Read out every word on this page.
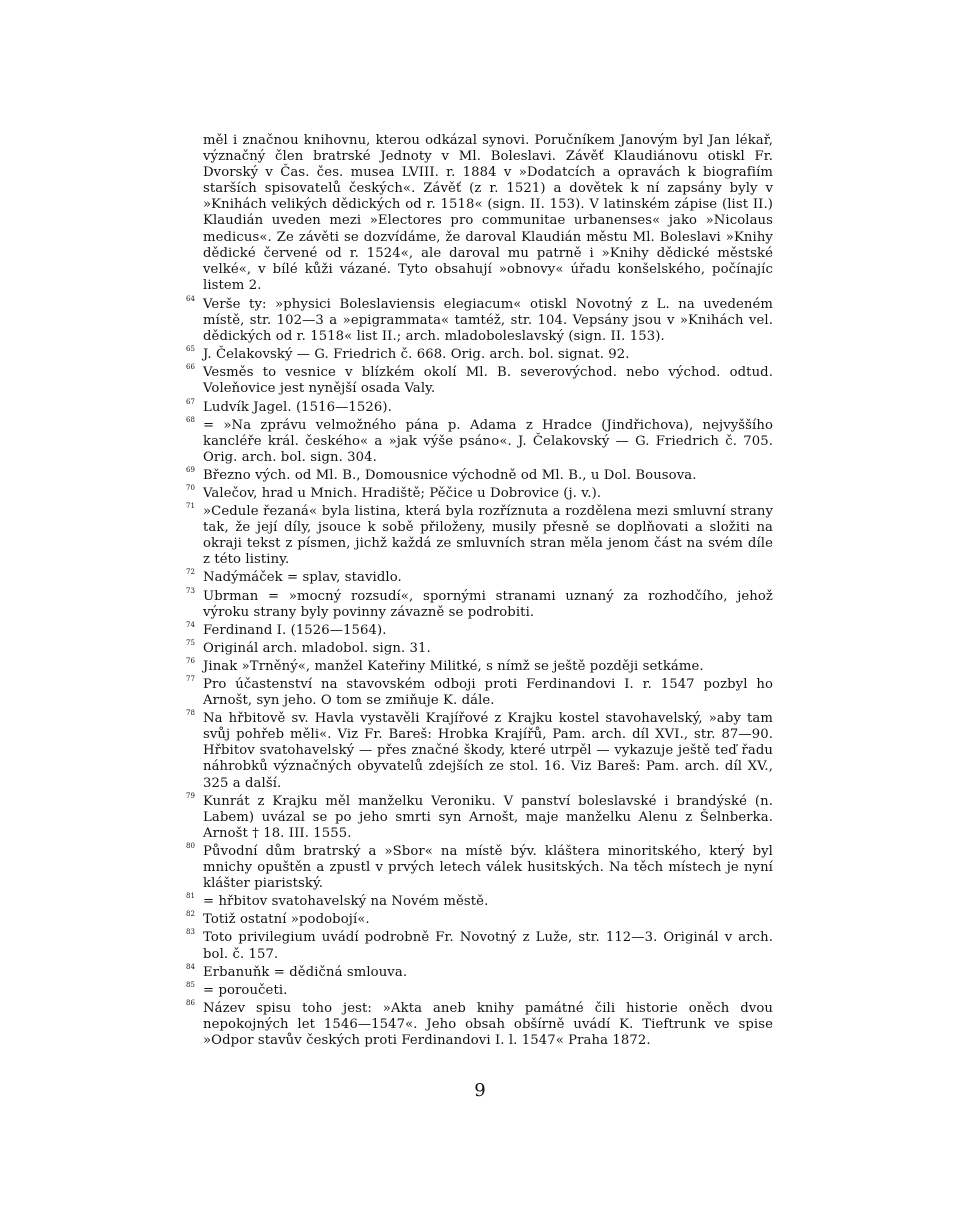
měl i značnou knihovnu, kterou odkázal synovi. Poručníkem Janovým byl Jan lékař, význačný člen bratrské Jednoty v Ml. Boleslavi. Závěť Klaudiánovu otiskl Fr. Dvorský v Čas. čes. musea LVIII. r. 1884 v »Dodatcích a opravách k biografiím starších spisovatelů českých«. Závěť (z r. 1521) a dovětek k ní zapsány byly v »Knihách velikých dědických od r. 1518« (sign. II. 153). V latinském zápise (list II.) Klaudián uveden mezi »Electores pro communitae urbanenses« jako »Nicolaus medicus«. Ze závěti se dozvídáme, že daroval Klaudián městu Ml. Boleslavi »Knihy dědické červené od r. 1524«, ale daroval mu patrně i »Knihy dědické městské velké«, v bílé kůži vázané. Tyto obsahují »obnovy« úřadu konšelského, počínajíc listem 2.

64 Verše ty: »physici Boleslaviensis elegiacum« otiskl Novotný z L. na uvedeném místě, str. 102—3 a »epigrammata« tamtéž, str. 104. Vepsány jsou v »Knihách vel. dědických od r. 1518« list II.; arch. mladoboleslavský (sign. II. 153).

65 J. Čelakovský — G. Friedrich č. 668. Orig. arch. bol. signat. 92.

66 Vesměs to vesnice v blízkém okolí Ml. B. severovýchod. nebo východ. odtud. Voleňovice jest nynější osada Valy.

67 Ludvík Jagel. (1516—1526).

68 = »Na zprávu velmožného pána p. Adama z Hradce (Jindřichova), nejvyššího kancléře král. českého« a »jak výše psáno«. J. Čelakovský — G. Friedrich č. 705. Orig. arch. bol. sign. 304.

69 Březno vých. od Ml. B., Domousnice východně od Ml. B., u Dol. Bousova.

70 Valečov, hrad u Mnich. Hradiště; Pěčice u Dobrovice (j. v.).

71 »Cedule řezaná« byla listina, která byla rozříznuta a rozdělena mezi smluvní strany tak, že její díly, jsouce k sobě přiloženy, musily přesně se doplňovati a složiti na okraji tekst z písmen, jichž každá ze smluvních stran měla jenom část na svém díle z této listiny.

72 Nadýmáček = splav, stavidlo.

73 Ubrman = »mocný rozsudí«, spornými stranami uznaný za rozhodčího, jehož výroku strany byly povinny závazně se podrobiti.

74 Ferdinand I. (1526—1564).

75 Originál arch. mladobol. sign. 31.

76 Jinak »Trněný«, manžel Kateřiny Militké, s nímž se ještě později setkáme.

77 Pro účastenství na stavovském odboji proti Ferdinandovi I. r. 1547 pozbyl ho Arnošt, syn jeho. O tom se zmiňuje K. dále.

78 Na hřbitově sv. Havla vystavěli Krajířové z Krajku kostel stavohavelský, »aby tam svůj pohřeb měli«. Viz Fr. Bareš: Hrobka Krajířů, Pam. arch. díl XVI., str. 87—90. Hřbitov svatohavelský — přes značné škody, které utrpěl — vykazuje ještě teď řadu náhrobků význačných obyvatelů zdejších ze stol. 16. Viz Bareš: Pam. arch. díl XV., 325 a další.

79 Kunrát z Krajku měl manželku Veroniku. V panství boleslavské i brandýské (n. Labem) uvázal se po jeho smrti syn Arnošt, maje manželku Alenu z Šelnberka. Arnošt † 18. III. 1555.

80 Původní dům bratrský a »Sbor« na místě býv. kláštera minoritského, který byl mnichy opuštěn a zpustl v prvých letech válek husitských. Na těch místech je nyní klášter piaristský.

81 = hřbitov svatohavelský na Novém městě.

82 Totiž ostatní »podobojí«.

83 Toto privilegium uvádí podrobně Fr. Novotný z Luže, str. 112—3. Originál v arch. bol. č. 157.

84 Erbanuňk = dědičná smlouva.

85 = poroučeti.

86 Název spisu toho jest: »Akta aneb knihy památné čili historie oněch dvou nepokojných let 1546—1547«. Jeho obsah obšírně uvádí K. Tieftrunk ve spise »Odpor stavův českých proti Ferdinandovi I. l. 1547« Praha 1872.

9
